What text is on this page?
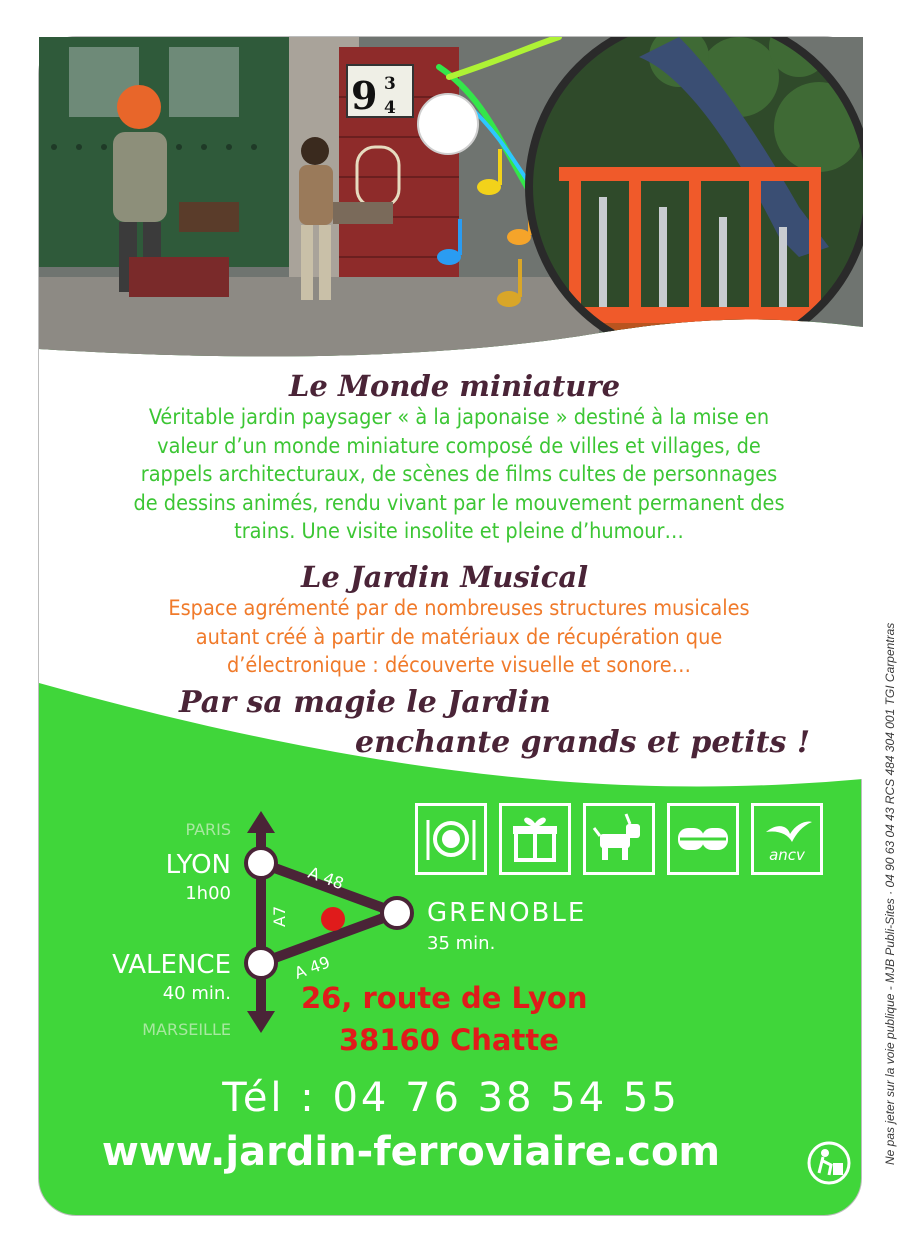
9 3
4
Le Monde miniature
Véritable jardin paysager « à la japonaise » destiné à la mise en
valeur d’un monde miniature composé de villes et villages, de
rappels architecturaux, de scènes de films cultes de personnages
de dessins animés, rendu vivant par le mouvement permanent des
trains. Une visite insolite et pleine d’humour…
Le Jardin Musical
Espace agrémenté par de nombreuses structures musicales
autant créé à partir de matériaux de récupération que
d’électronique : découverte visuelle et sonore…
Par sa magie le Jardin
enchante grands et petits !
PARIS
LYON
1h00
A7
A 48
A 49
VALENCE
40 min.
MARSEILLE
GRENOBLE
35 min.
ancv
26, route de Lyon
38160 Chatte
Tél : 04 76 38 54 55
www.jardin-ferroviaire.com	Ne pas jeter sur la voie publique - MJB Publi-Sites · 04 90 63 04 43 RCS 484 304 001 TGI Carpentras
